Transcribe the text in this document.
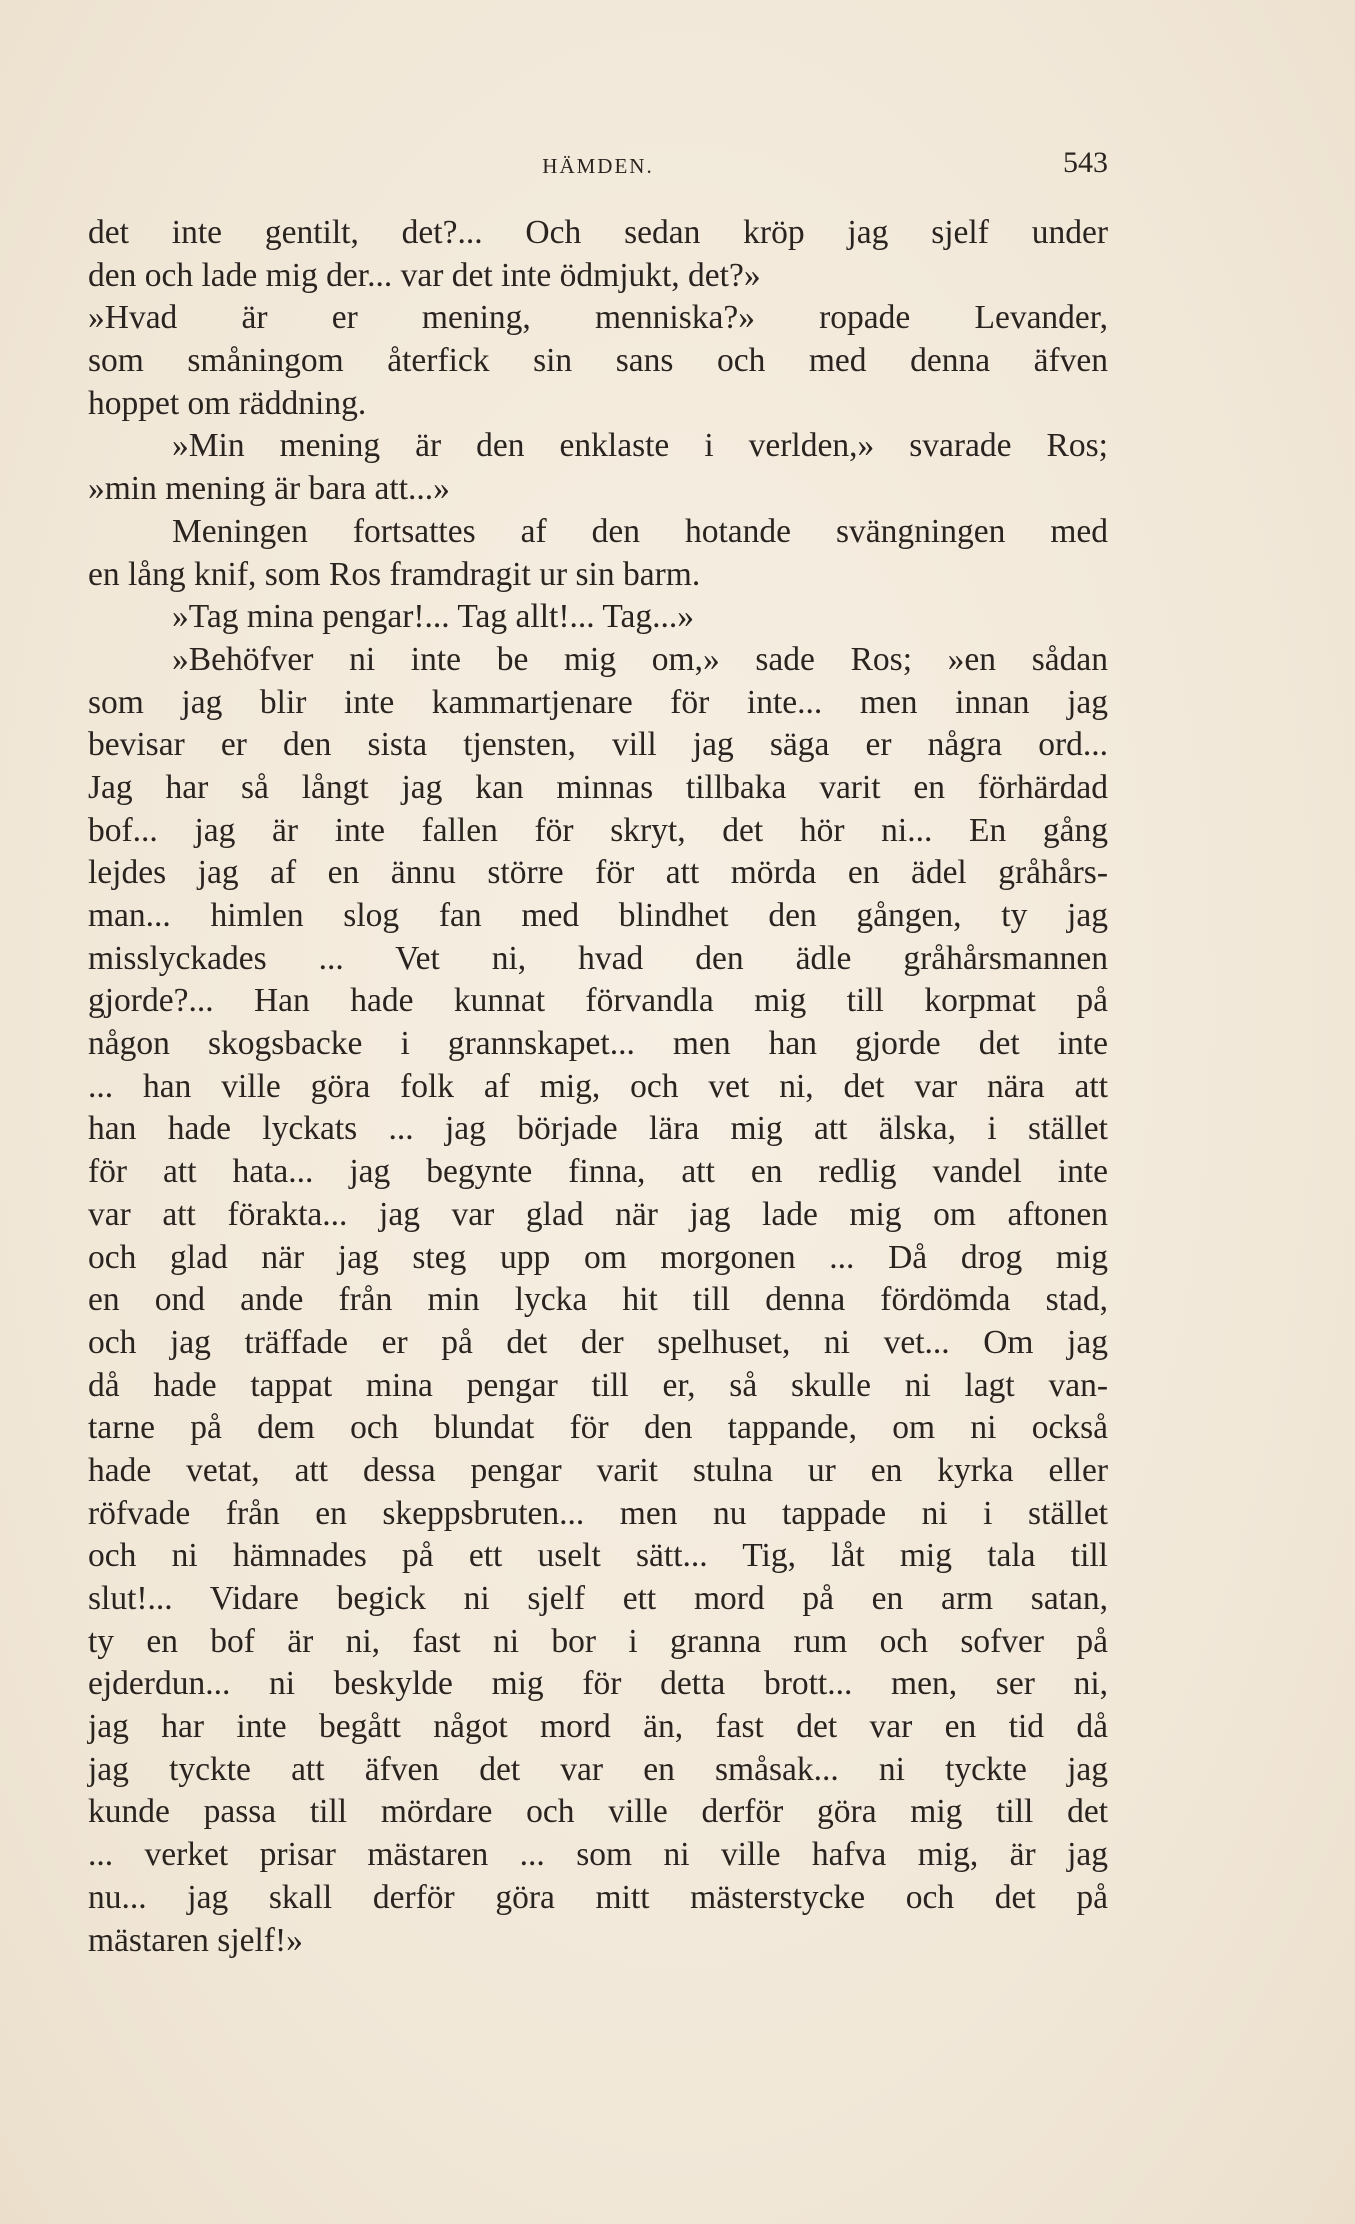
HÄMDEN.	543
det inte gentilt, det?... Och sedan kröp jag sjelf under
den och lade mig der... var det inte ödmjukt, det?»
»Hvad är er mening, menniska?» ropade Levander,
som småningom återfick sin sans och med denna äfven
hoppet om räddning.
»Min mening är den enklaste i verlden,» svarade Ros;
»min mening är bara att...»
Meningen fortsattes af den hotande svängningen med
en lång knif, som Ros framdragit ur sin barm.
»Tag mina pengar!... Tag allt!... Tag...»
»Behöfver ni inte be mig om,» sade Ros; »en sådan
som jag blir inte kammartjenare för inte... men innan jag
bevisar er den sista tjensten, vill jag säga er några ord...
Jag har så långt jag kan minnas tillbaka varit en förhärdad
bof... jag är inte fallen för skryt, det hör ni... En gång
lejdes jag af en ännu större för att mörda en ädel gråhårs-
man... himlen slog fan med blindhet den gången, ty jag
misslyckades ... Vet ni, hvad den ädle gråhårsmannen
gjorde?... Han hade kunnat förvandla mig till korpmat på
någon skogsbacke i grannskapet... men han gjorde det inte
... han ville göra folk af mig, och vet ni, det var nära att
han hade lyckats ... jag började lära mig att älska, i stället
för att hata... jag begynte finna, att en redlig vandel inte
var att förakta... jag var glad när jag lade mig om aftonen
och glad när jag steg upp om morgonen ... Då drog mig
en ond ande från min lycka hit till denna fördömda stad,
och jag träffade er på det der spelhuset, ni vet... Om jag
då hade tappat mina pengar till er, så skulle ni lagt van-
tarne på dem och blundat för den tappande, om ni också
hade vetat, att dessa pengar varit stulna ur en kyrka eller
röfvade från en skeppsbruten... men nu tappade ni i stället
och ni hämnades på ett uselt sätt... Tig, låt mig tala till
slut!... Vidare begick ni sjelf ett mord på en arm satan,
ty en bof är ni, fast ni bor i granna rum och sofver på
ejderdun... ni beskylde mig för detta brott... men, ser ni,
jag har inte begått något mord än, fast det var en tid då
jag tyckte att äfven det var en småsak... ni tyckte jag
kunde passa till mördare och ville derför göra mig till det
... verket prisar mästaren ... som ni ville hafva mig, är jag
nu... jag skall derför göra mitt mästerstycke och det på
mästaren sjelf!»
